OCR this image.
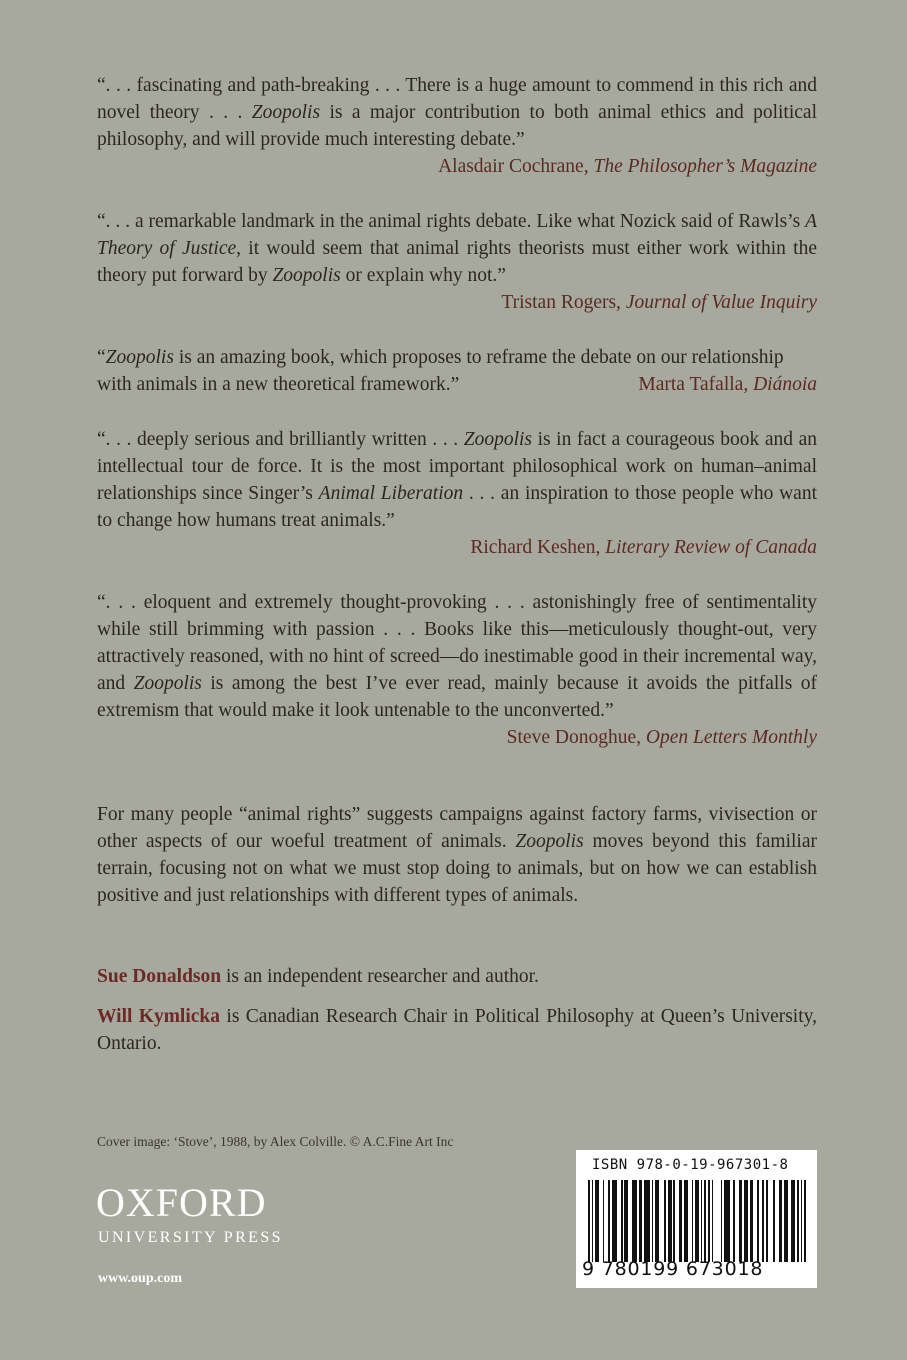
“. . . fascinating and path-breaking . . . There is a huge amount to commend in this rich and novel theory . . . Zoopolis is a major contribution to both animal ethics and political philosophy, and will provide much interesting debate.”
Alasdair Cochrane, The Philosopher’s Magazine
“. . . a remarkable landmark in the animal rights debate. Like what Nozick said of Rawls’s A Theory of Justice, it would seem that animal rights theorists must either work within the theory put forward by Zoopolis or explain why not.”
Tristan Rogers, Journal of Value Inquiry
“Zoopolis is an amazing book, which proposes to reframe the debate on our relationship with animals in a new theoretical framework.”	Marta Tafalla, Diánoia
“. . . deeply serious and brilliantly written . . . Zoopolis is in fact a courageous book and an intellectual tour de force. It is the most important philosophical work on human–animal relationships since Singer’s Animal Liberation . . . an inspiration to those people who want to change how humans treat animals.”
Richard Keshen, Literary Review of Canada
“. . . eloquent and extremely thought-provoking . . . astonishingly free of sentimentality while still brimming with passion . . . Books like this—meticulously thought-out, very attractively reasoned, with no hint of screed—do inestimable good in their incremental way, and Zoopolis is among the best I’ve ever read, mainly because it avoids the pitfalls of extremism that would make it look untenable to the unconverted.”
Steve Donoghue, Open Letters Monthly
For many people “animal rights” suggests campaigns against factory farms, vivisection or other aspects of our woeful treatment of animals. Zoopolis moves beyond this familiar terrain, focusing not on what we must stop doing to animals, but on how we can establish positive and just relationships with different types of animals.
Sue Donaldson is an independent researcher and author.
Will Kymlicka is Canadian Research Chair in Political Philosophy at Queen’s University, Ontario.
Cover image: ‘Stove’, 1988, by Alex Colville. © A.C.Fine Art Inc
OXFORD
UNIVERSITY PRESS
www.oup.com
ISBN 978-0-19-967301-8
9 780199 673018
